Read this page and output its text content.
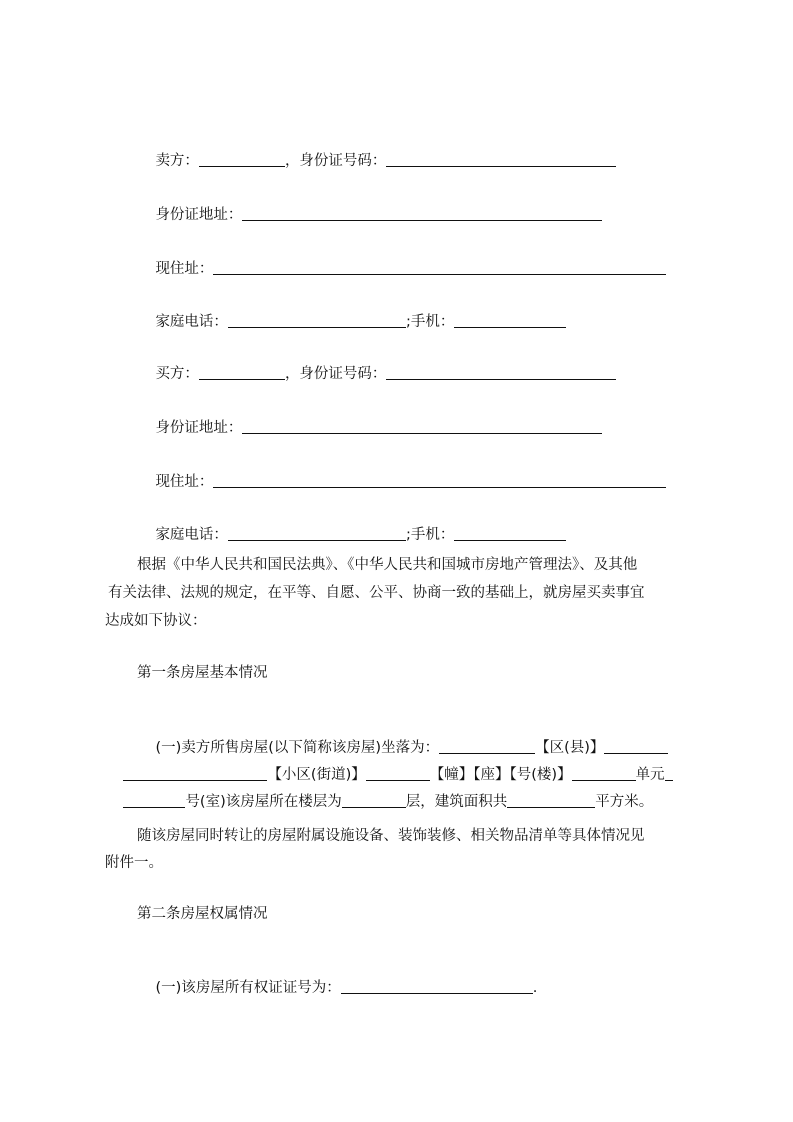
卖方：	，身份证号码：

身份证地址：

现住址：

家庭电话：	;手机：

买方：	，身份证号码：

身份证地址：

现住址：

家庭电话：	;手机：

根据《中华人民共和国民法典》、《中华人民共和国城市房地产管理法》、及其他
有关法律、法规的规定，在平等、自愿、公平、协商一致的基础上，就房屋买卖事宜
达成如下协议：
第一条房屋基本情况

(一)卖方所售房屋(以下简称该房屋)坐落为：	【区(县)】

【小区(街道)】	【幢】【座】【号(楼)】	单元

号(室)该房屋所在楼层为	层，建筑面积共	平方米。

随该房屋同时转让的房屋附属设施设备、装饰装修、相关物品清单等具体情况见
附件一。
第二条房屋权属情况

(一)该房屋所有权证证号为：	.
